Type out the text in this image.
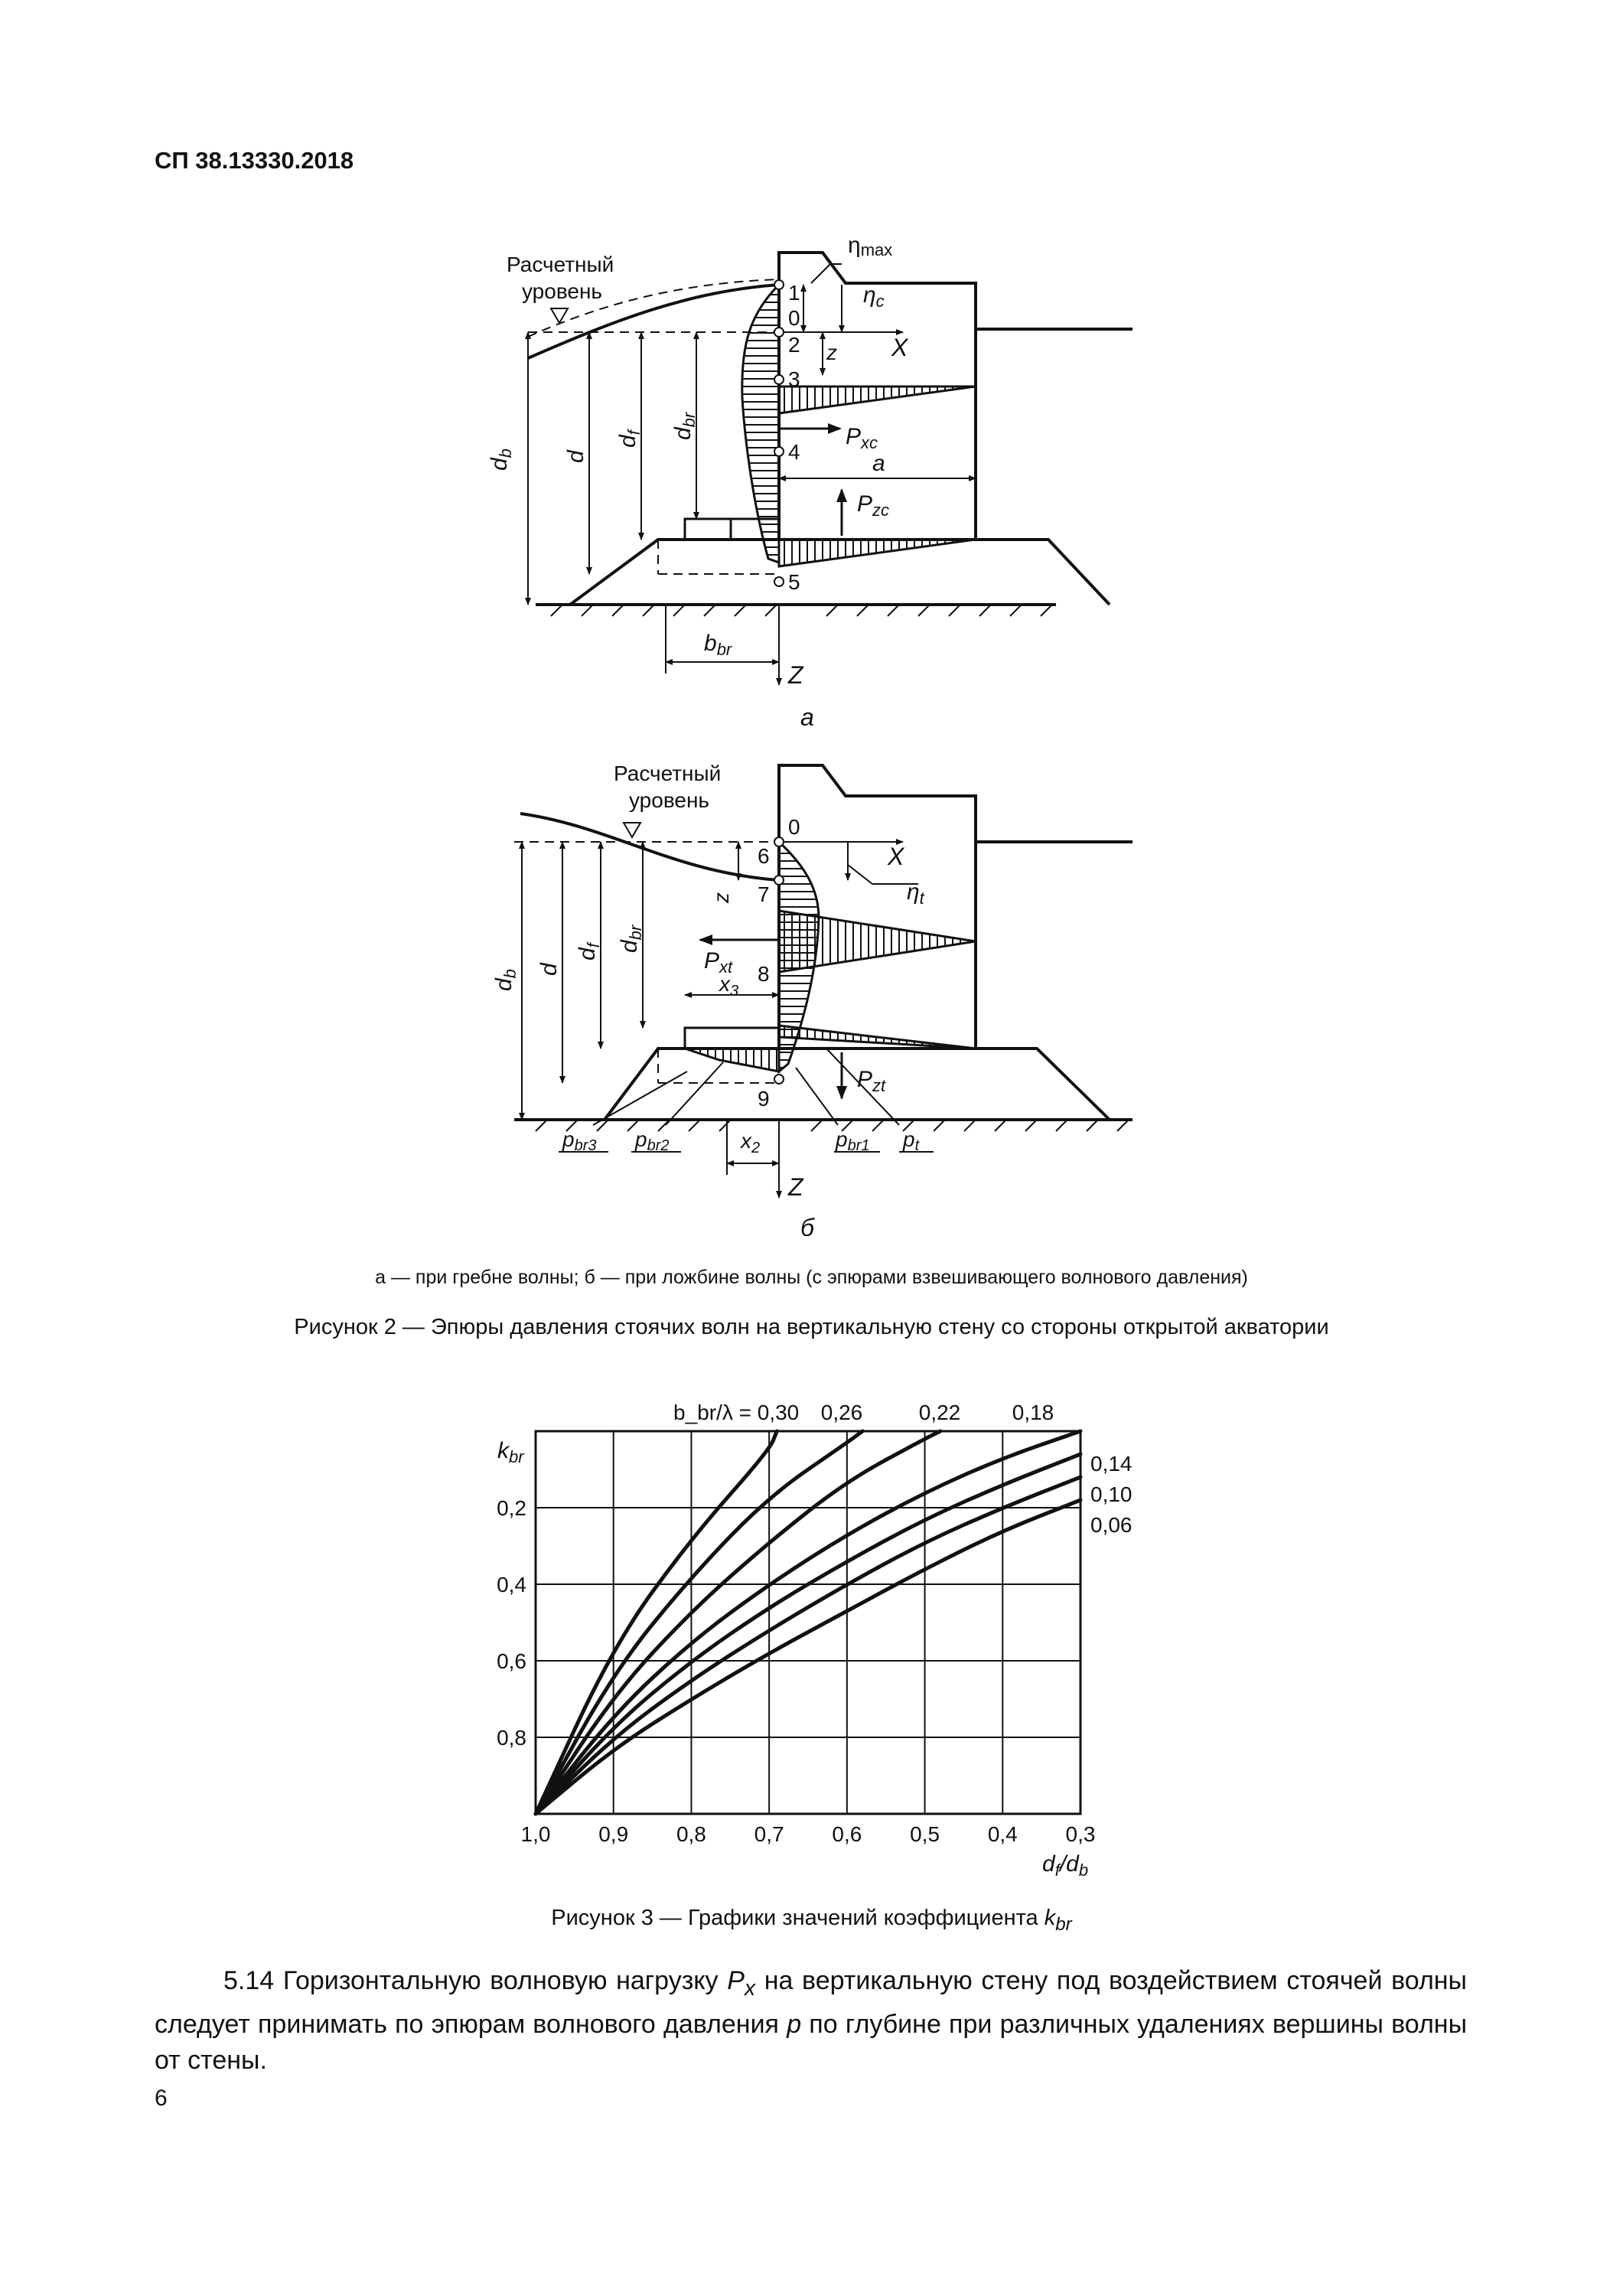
СП 38.13330.2018
Расчетный
уровень
ηmax
$\eta_c$
1
0
2
3
4
5
X
Z
z
$P_{xc}$
$P_{zc}$
a
$d_b$ d
$d_f$ $d_{br}$
$b_{br}$
а
Расчетный
уровень
0
6
7
8
9
X
Z
z	$\eta_t$
$P_{xt}$
$P_{zt}$
$x_3$
$x_2$
$d_b$ d
$d_f$ $d_{br}$
pbr3 pbr2	pbr1 pt
б
1,0 0,9 0,8 0,7 0,6 0,5 0,4 0,3
0,2
0,4
0,6
0,8
$k_{br}$
$d_f/d_b$
b_br/λ = 0,30 0,26	0,22 0,18
0,14
0,10
0,06
а — при гребне волны; б — при ложбине волны (с эпюрами взвешивающего волнового давления)
Рисунок 2 — Эпюры давления стоячих волн на вертикальную стену со стороны открытой акватории
Рисунок 3 — Графики значений коэффициента $k_{br}$
5.14 Горизонтальную волновую нагрузку $P_x$ на вертикальную стену под воздействием стоячей волны следует принимать по эпюрам волнового давления p по глубине при различных удалениях вершины волны от стены.
6
